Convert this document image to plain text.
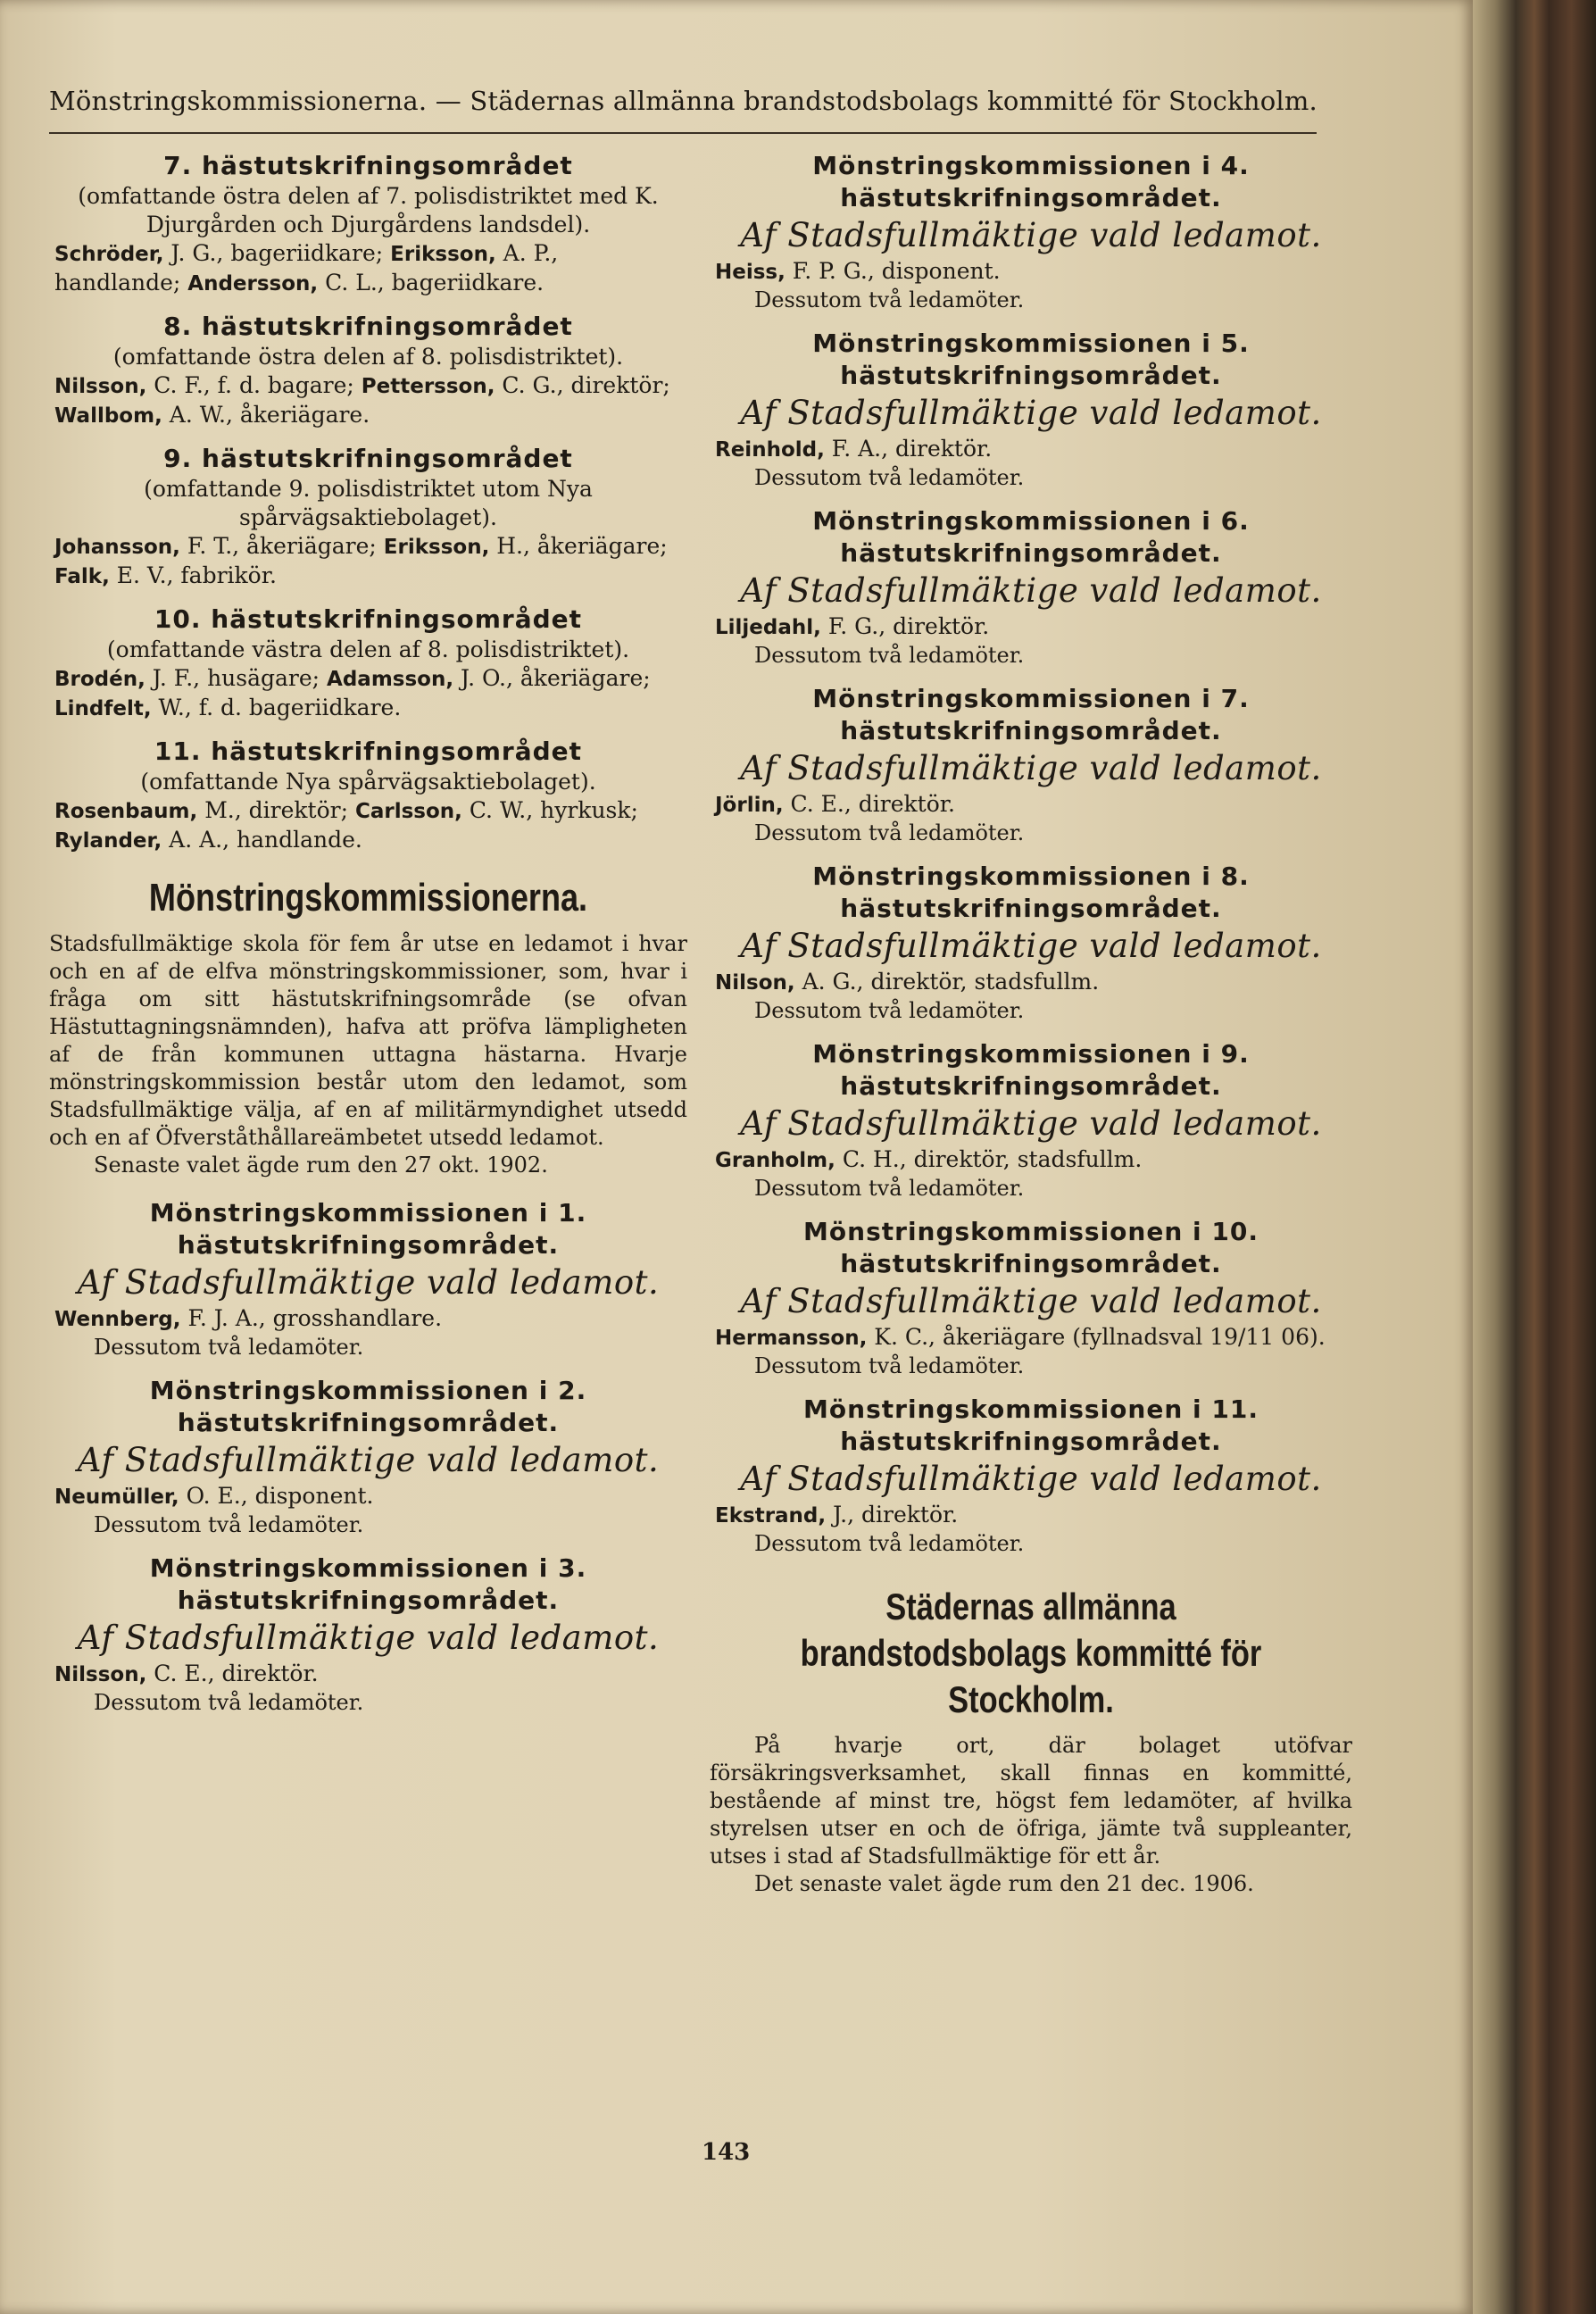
Mönstringskommissionerna. — Städernas allmänna brandstodsbolags kommitté för Stockholm.
7. hästutskrifningsområdet
(omfattande östra delen af 7. polisdistriktet med K. Djurgården och Djurgårdens landsdel).
Schröder, J. G., bageriidkare; Eriksson, A. P., handlande; Andersson, C. L., bageriidkare.
8. hästutskrifningsområdet
(omfattande östra delen af 8. polisdistriktet).
Nilsson, C. F., f. d. bagare; Pettersson, C. G., direktör; Wallbom, A. W., åkeriägare.
9. hästutskrifningsområdet
(omfattande 9. polisdistriktet utom Nya spårvägsaktiebolaget).
Johansson, F. T., åkeriägare; Eriksson, H., åkeriägare; Falk, E. V., fabrikör.
10. hästutskrifningsområdet
(omfattande västra delen af 8. polisdistriktet).
Brodén, J. F., husägare; Adamsson, J. O., åkeriägare; Lindfelt, W., f. d. bageriidkare.
11. hästutskrifningsområdet
(omfattande Nya spårvägsaktiebolaget).
Rosenbaum, M., direktör; Carlsson, C. W., hyrkusk; Rylander, A. A., handlande.
Mönstringskommissionerna.
Stadsfullmäktige skola för fem år utse en ledamot i hvar och en af de elfva mönstringskommissioner, som, hvar i fråga om sitt hästutskrifningsområde (se ofvan Hästuttagningsnämnden), hafva att pröfva lämpligheten af de från kommunen uttagna hästarna. Hvarje mönstringskommission består utom den ledamot, som Stadsfullmäktige välja, af en af militärmyndighet utsedd och en af Öfverståthållareämbetet utsedd ledamot.
Senaste valet ägde rum den 27 okt. 1902.
Mönstringskommissionen i 1. hästutskrifningsområdet.
Af Stadsfullmäktige vald ledamot.
Wennberg, F. J. A., grosshandlare.
Dessutom två ledamöter.
Mönstringskommissionen i 2. hästutskrifningsområdet.
Af Stadsfullmäktige vald ledamot.
Neumüller, O. E., disponent.
Dessutom två ledamöter.
Mönstringskommissionen i 3. hästutskrifningsområdet.
Af Stadsfullmäktige vald ledamot.
Nilsson, C. E., direktör.
Dessutom två ledamöter.
Mönstringskommissionen i 4. hästutskrifningsområdet.
Af Stadsfullmäktige vald ledamot.
Heiss, F. P. G., disponent.
Dessutom två ledamöter.
Mönstringskommissionen i 5. hästutskrifningsområdet.
Af Stadsfullmäktige vald ledamot.
Reinhold, F. A., direktör.
Dessutom två ledamöter.
Mönstringskommissionen i 6. hästutskrifningsområdet.
Af Stadsfullmäktige vald ledamot.
Liljedahl, F. G., direktör.
Dessutom två ledamöter.
Mönstringskommissionen i 7. hästutskrifningsområdet.
Af Stadsfullmäktige vald ledamot.
Jörlin, C. E., direktör.
Dessutom två ledamöter.
Mönstringskommissionen i 8. hästutskrifningsområdet.
Af Stadsfullmäktige vald ledamot.
Nilson, A. G., direktör, stadsfullm.
Dessutom två ledamöter.
Mönstringskommissionen i 9. hästutskrifningsområdet.
Af Stadsfullmäktige vald ledamot.
Granholm, C. H., direktör, stadsfullm.
Dessutom två ledamöter.
Mönstringskommissionen i 10. hästutskrifningsområdet.
Af Stadsfullmäktige vald ledamot.
Hermansson, K. C., åkeriägare (fyllnadsval 19/11 06).
Dessutom två ledamöter.
Mönstringskommissionen i 11. hästutskrifningsområdet.
Af Stadsfullmäktige vald ledamot.
Ekstrand, J., direktör.
Dessutom två ledamöter.
Städernas allmänna brandstodsbolags kommitté för Stockholm.
På hvarje ort, där bolaget utöfvar försäkringsverksamhet, skall finnas en kommitté, bestående af minst tre, högst fem ledamöter, af hvilka styrelsen utser en och de öfriga, jämte två suppleanter, utses i stad af Stadsfullmäktige för ett år.
Det senaste valet ägde rum den 21 dec. 1906.
143
